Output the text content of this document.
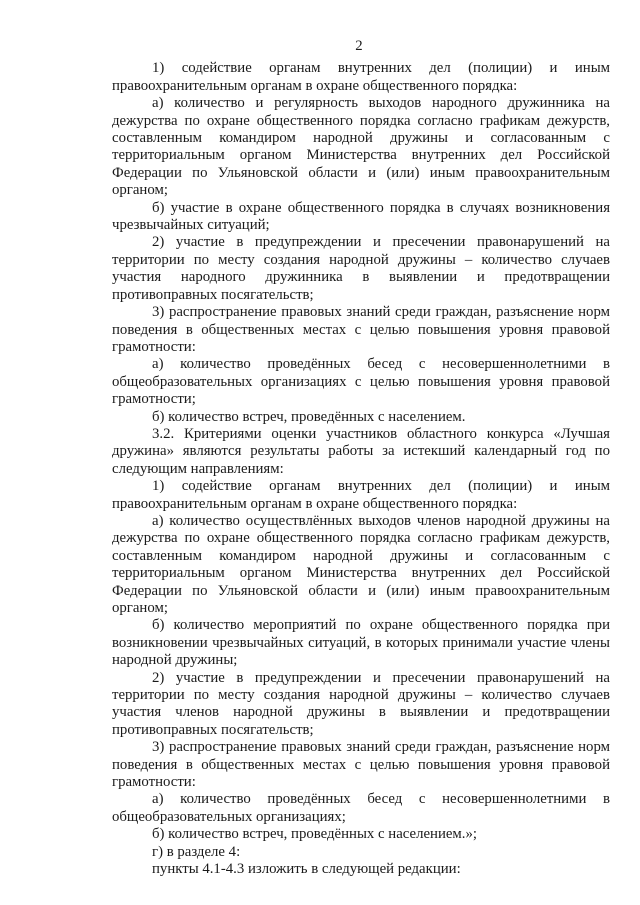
2

1) содействие органам внутренних дел (полиции) и иным правоохранительным органам в охране общественного порядка:

а) количество и регулярность выходов народного дружинника на дежурства по охране общественного порядка согласно графикам дежурств, составленным командиром народной дружины и согласованным с территориальным органом Министерства внутренних дел Российской Федерации по Ульяновской области и (или) иным правоохранительным органом;

б) участие в охране общественного порядка в случаях возникновения чрезвычайных ситуаций;

2) участие в предупреждении и пресечении правонарушений на территории по месту создания народной дружины – количество случаев участия народного дружинника в выявлении и предотвращении противоправных посягательств;

3) распространение правовых знаний среди граждан, разъяснение норм поведения в общественных местах с целью повышения уровня правовой грамотности:

а) количество проведённых бесед с несовершеннолетними в общеобразовательных организациях с целью повышения уровня правовой грамотности;

б) количество встреч, проведённых с населением.

3.2. Критериями оценки участников областного конкурса «Лучшая дружина» являются результаты работы за истекший календарный год по следующим направлениям:

1) содействие органам внутренних дел (полиции) и иным правоохранительным органам в охране общественного порядка:

а) количество осуществлённых выходов членов народной дружины на дежурства по охране общественного порядка согласно графикам дежурств, составленным командиром народной дружины и согласованным с территориальным органом Министерства внутренних дел Российской Федерации по Ульяновской области и (или) иным правоохранительным органом;

б) количество мероприятий по охране общественного порядка при возникновении чрезвычайных ситуаций, в которых принимали участие члены народной дружины;

2) участие в предупреждении и пресечении правонарушений на территории по месту создания народной дружины – количество случаев участия членов народной дружины в выявлении и предотвращении противоправных посягательств;

3) распространение правовых знаний среди граждан, разъяснение норм поведения в общественных местах с целью повышения уровня правовой грамотности:

а) количество проведённых бесед с несовершеннолетними в общеобразовательных организациях;

б) количество встреч, проведённых с населением.»;

г) в разделе 4:

пункты 4.1-4.3 изложить в следующей редакции:
